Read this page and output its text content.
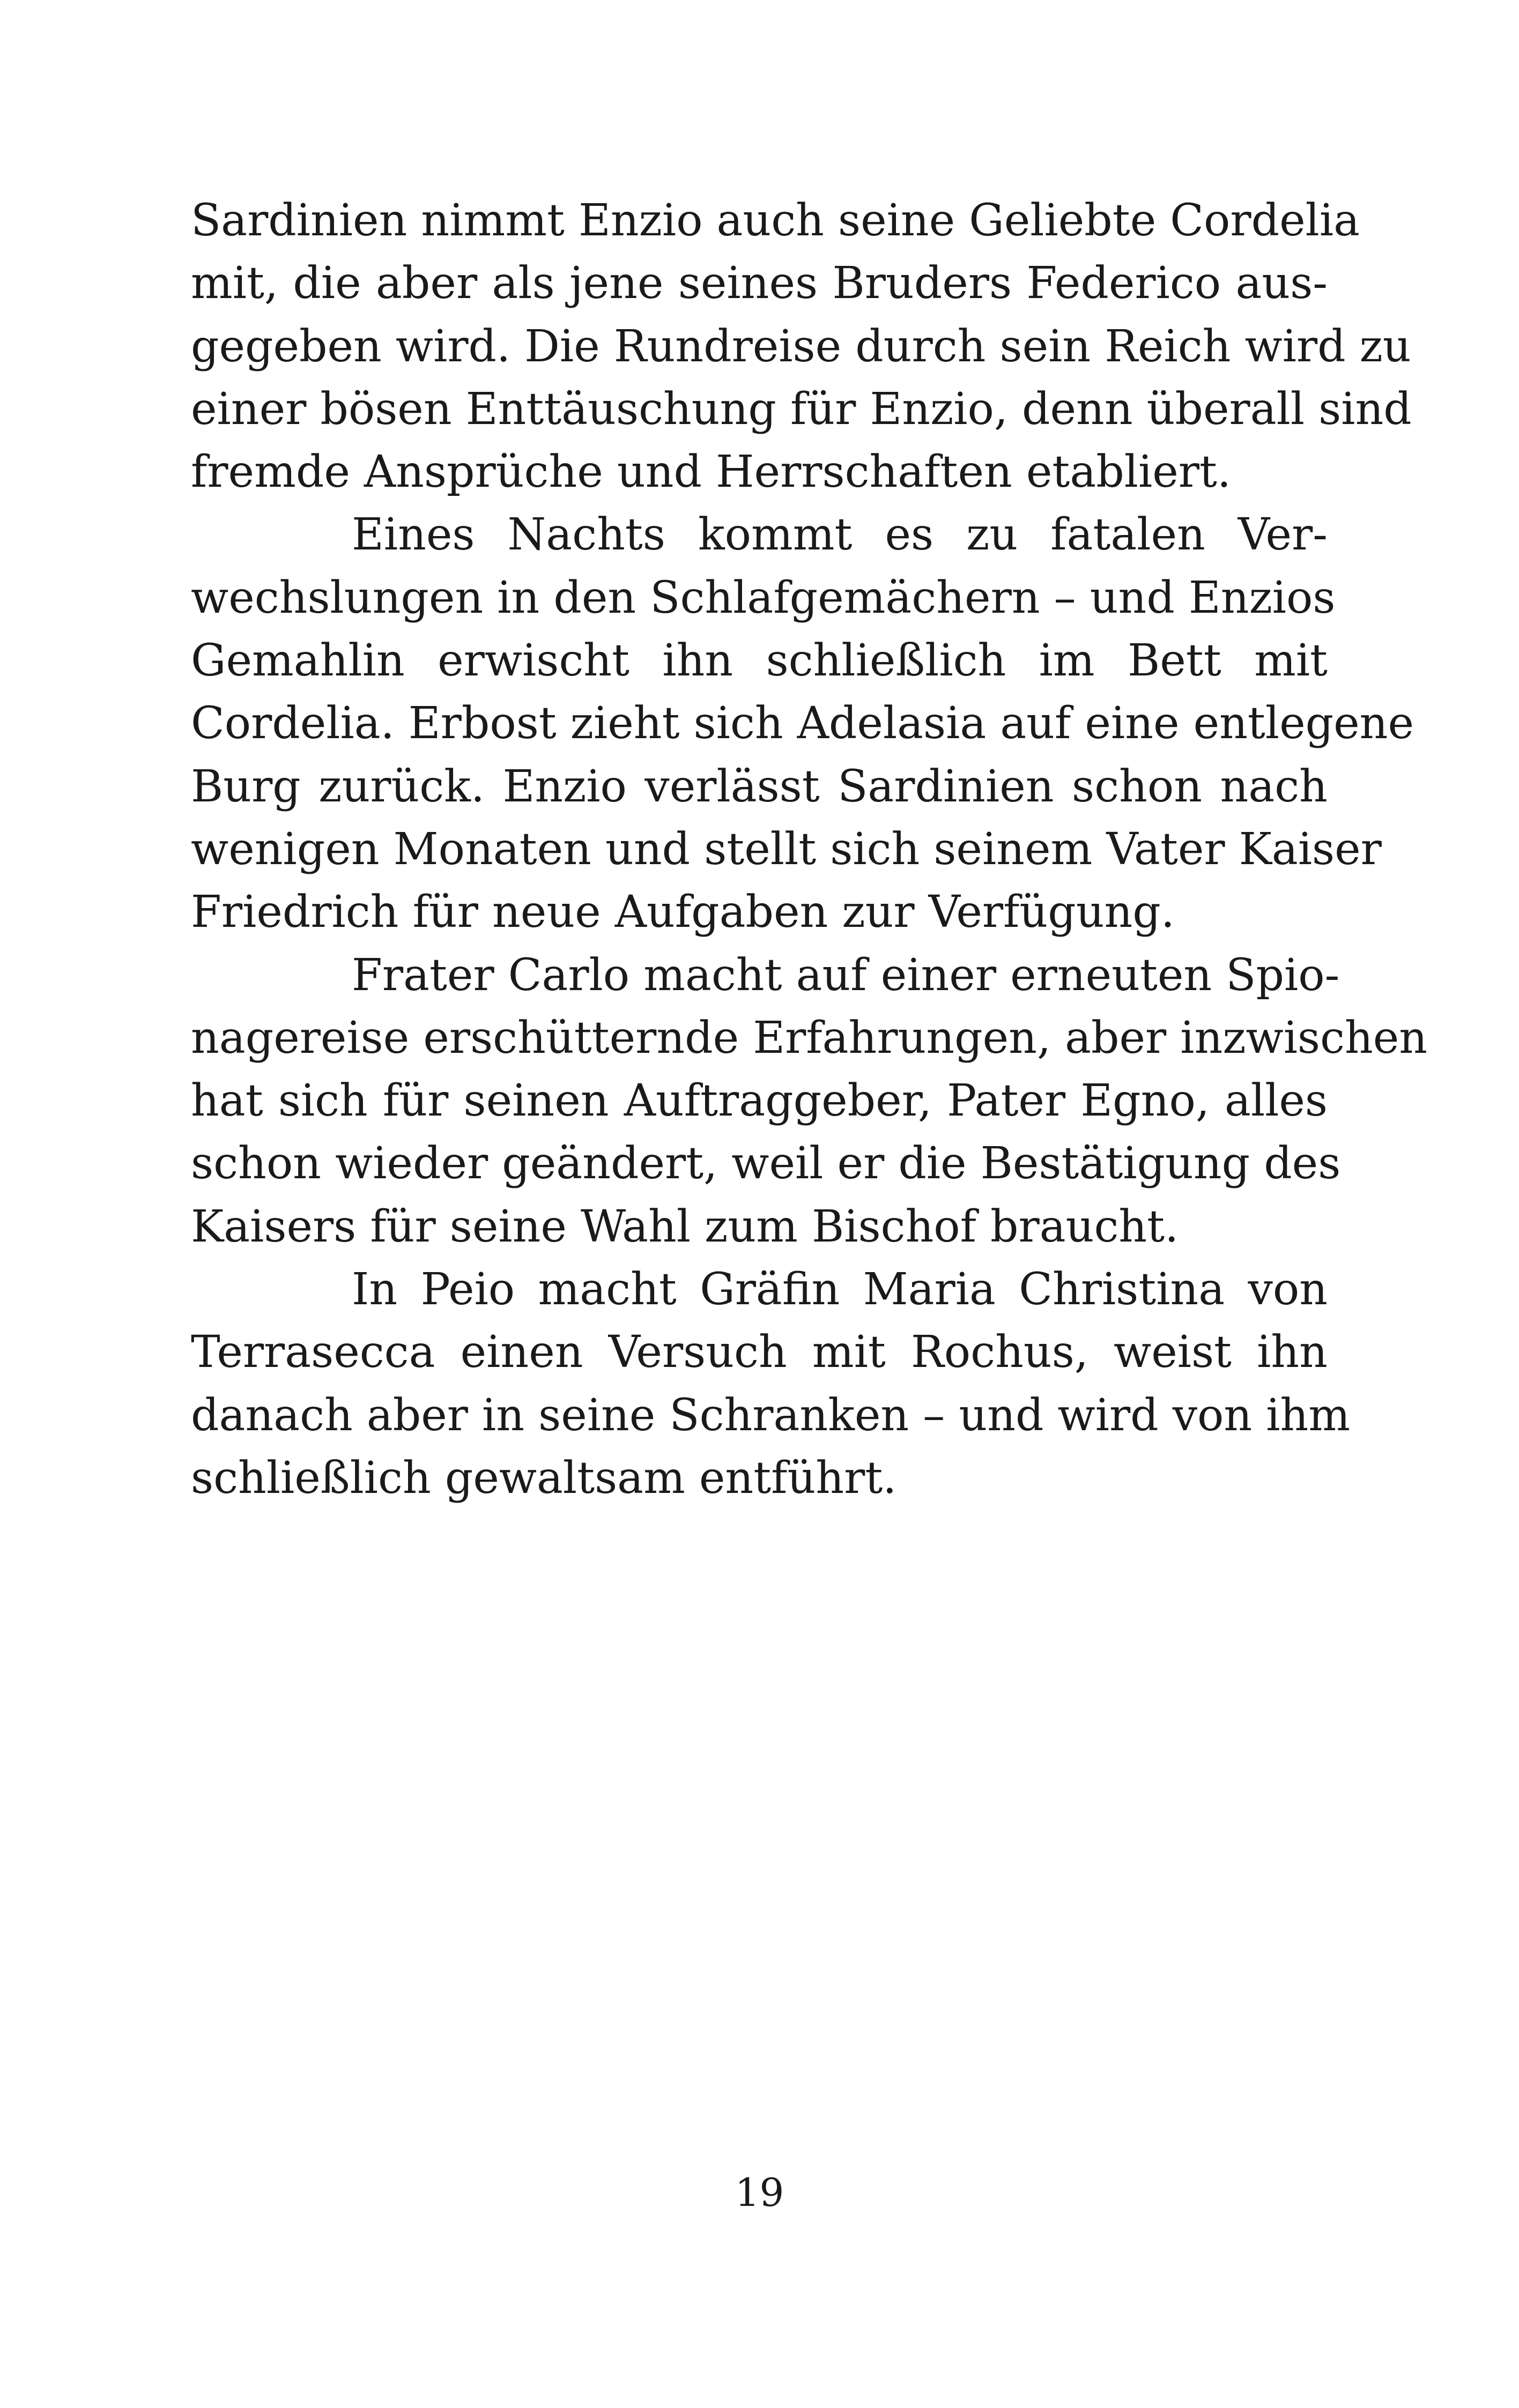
Sardinien nimmt Enzio auch seine Geliebte Cordelia
mit, die aber als jene seines Bruders Federico aus-
gegeben wird. Die Rundreise durch sein Reich wird zu
einer bösen Enttäuschung für Enzio, denn überall sind
fremde Ansprüche und Herrschaften etabliert.
Eines Nachts kommt es zu fatalen Ver-
wechslungen in den Schlafgemächern – und Enzios
Gemahlin erwischt ihn schließlich im Bett mit
Cordelia. Erbost zieht sich Adelasia auf eine entlegene
Burg zurück. Enzio verlässt Sardinien schon nach
wenigen Monaten und stellt sich seinem Vater Kaiser
Friedrich für neue Aufgaben zur Verfügung.
Frater Carlo macht auf einer erneuten Spio-
nagereise erschütternde Erfahrungen, aber inzwischen
hat sich für seinen Auftraggeber, Pater Egno, alles
schon wieder geändert, weil er die Bestätigung des
Kaisers für seine Wahl zum Bischof braucht.
In Peio macht Gräfin Maria Christina von
Terrasecca einen Versuch mit Rochus, weist ihn
danach aber in seine Schranken – und wird von ihm
schließlich gewaltsam entführt.
19
